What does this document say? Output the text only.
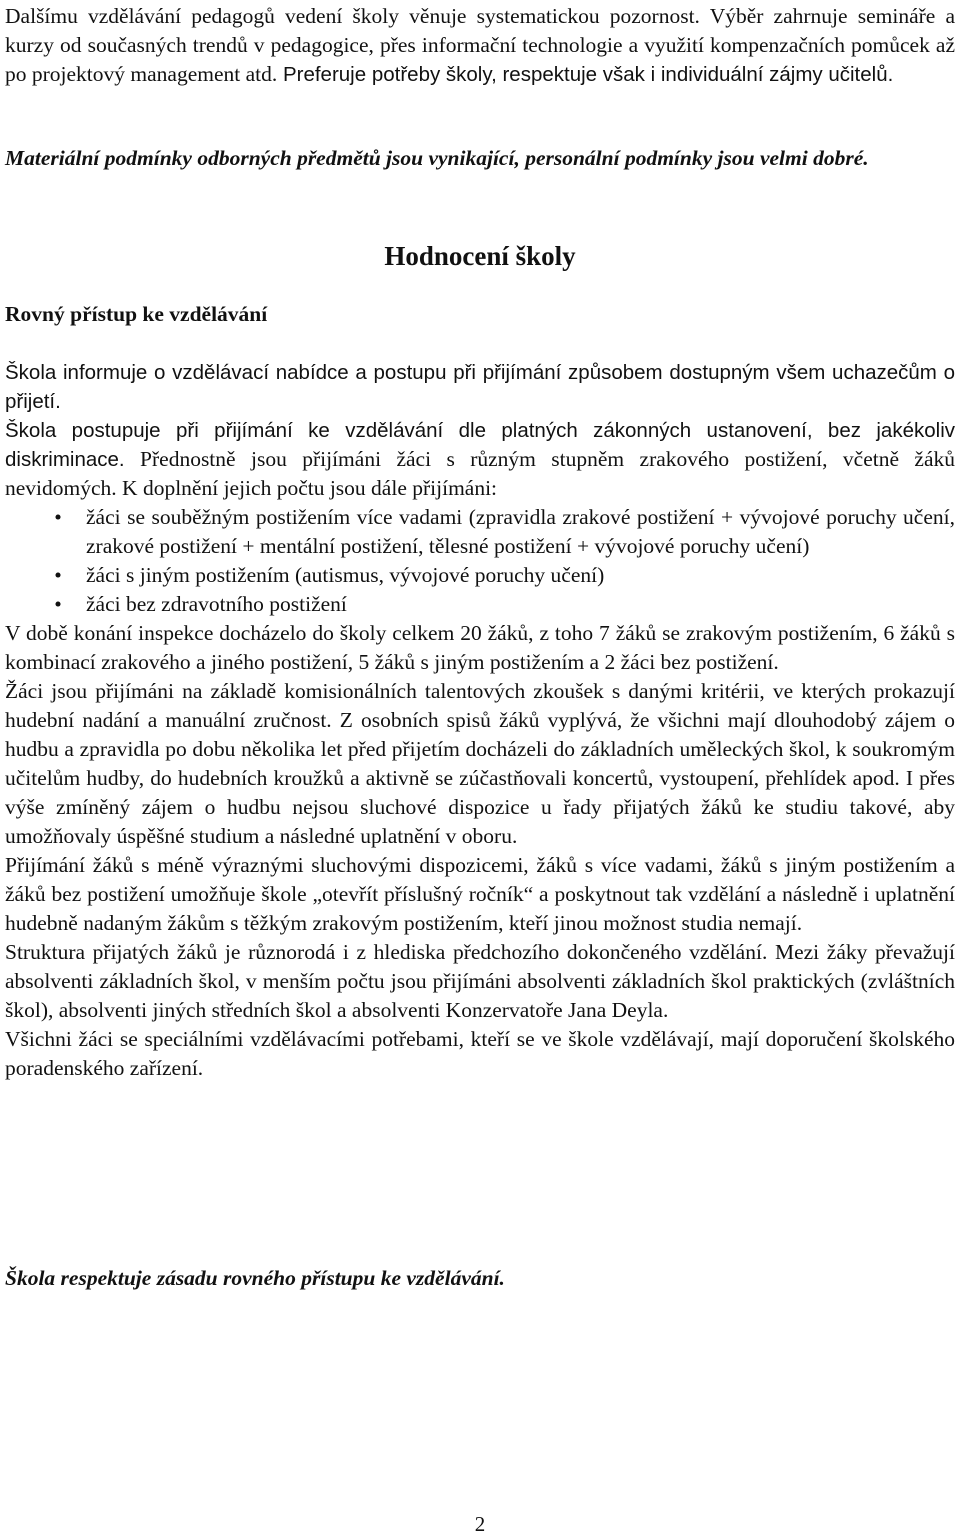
Dalšímu vzdělávání pedagogů vedení školy věnuje systematickou pozornost. Výběr zahrnuje semináře a kurzy od současných trendů v pedagogice, přes informační technologie a využití kompenzačních pomůcek až po projektový management atd. Preferuje potřeby školy, respektuje však i individuální zájmy učitelů.

Materiální podmínky odborných předmětů jsou vynikající, personální podmínky jsou velmi dobré.

Hodnocení školy
Rovný přístup ke vzdělávání

Škola informuje o vzdělávací nabídce a postupu při přijímání způsobem dostupným všem uchazečům o přijetí.

Škola postupuje při přijímání ke vzdělávání dle platných zákonných ustanovení, bez jakékoliv diskriminace. Přednostně jsou přijímáni žáci s různým stupněm zrakového postižení, včetně žáků nevidomých. K doplnění jejich počtu jsou dále přijímáni:

• žáci se souběžným postižením více vadami (zpravidla zrakové postižení + vývojové poruchy učení, zrakové postižení + mentální postižení, tělesné postižení + vývojové poruchy učení)
• žáci s jiným postižením (autismus, vývojové poruchy učení)
• žáci bez zdravotního postižení

V době konání inspekce docházelo do školy celkem 20 žáků, z toho 7 žáků se zrakovým postižením, 6 žáků s kombinací zrakového a jiného postižení, 5 žáků s jiným postižením a 2 žáci bez postižení.

Žáci jsou přijímáni na základě komisionálních talentových zkoušek s danými kritérii, ve kterých prokazují hudební nadání a manuální zručnost. Z osobních spisů žáků vyplývá, že všichni mají dlouhodobý zájem o hudbu a zpravidla po dobu několika let před přijetím docházeli do základních uměleckých škol, k soukromým učitelům hudby, do hudebních kroužků a aktivně se zúčastňovali koncertů, vystoupení, přehlídek apod. I přes výše zmíněný zájem o hudbu nejsou sluchové dispozice u řady přijatých žáků ke studiu takové, aby umožňovaly úspěšné studium a následné uplatnění v oboru.

Přijímání žáků s méně výraznými sluchovými dispozicemi, žáků s více vadami, žáků s jiným postižením a žáků bez postižení umožňuje škole „otevřít příslušný ročník“ a poskytnout tak vzdělání a následně i uplatnění hudebně nadaným žákům s těžkým zrakovým postižením, kteří jinou možnost studia nemají.

Struktura přijatých žáků je různorodá i z hlediska předchozího dokončeného vzdělání. Mezi žáky převažují absolventi základních škol, v menším počtu jsou přijímáni absolventi základních škol praktických (zvláštních škol), absolventi jiných středních škol a absolventi Konzervatoře Jana Deyla.

Všichni žáci se speciálními vzdělávacími potřebami, kteří se ve škole vzdělávají, mají doporučení školského poradenského zařízení.

Škola respektuje zásadu rovného přístupu ke vzdělávání.

2
